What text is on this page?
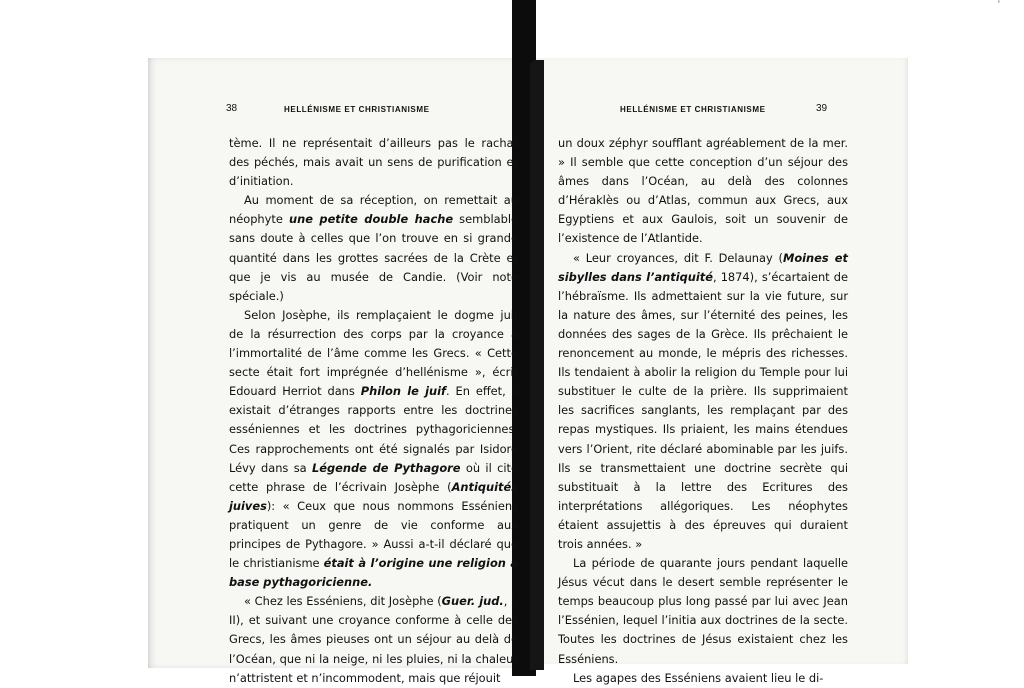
ʼ
38	HELLÉNISME ET CHRISTIANISME	HELLÉNISME ET CHRISTIANISME	39

tème. Il ne représentait d’ailleurs pas le rachat des péchés, mais avait un sens de purification et d’initiation.

Au moment de sa réception, on remettait au néophyte une petite double hache semblable sans doute à celles que l’on trouve en si grande quantité dans les grottes sacrées de la Crète et que je vis au musée de Candie. (Voir note spéciale.)

Selon Josèphe, ils remplaçaient le dogme juif de la résurrection des corps par la croyance à l’immortalité de l’âme comme les Grecs. « Cette secte était fort imprégnée d’hellénisme », écrit Edouard Herriot dans Philon le juif. En effet, il existait d’étranges rapports entre les doctrines esséniennes et les doctrines pythagoriciennes. Ces rapprochements ont été signalés par Isidore Lévy dans sa Légende de Pythagore où il cite cette phrase de l’écrivain Josèphe (Antiquités juives): « Ceux que nous nommons Esséniens pratiquent un genre de vie conforme aux principes de Pythagore. » Aussi a-t-il déclaré que le christianisme était à l’origine une religion à base pythagoricienne.

« Chez les Esséniens, dit Josèphe (Guer. jud., I, II), et suivant une croyance conforme à celle des Grecs, les âmes pieuses ont un séjour au delà de l’Océan, que ni la neige, ni les pluies, ni la chaleur n’attristent et n’incommodent, mais que réjouit

un doux zéphyr soufflant agréablement de la mer. » Il semble que cette conception d’un séjour des âmes dans l’Océan, au delà des colonnes d’Héraklès ou d’Atlas, commun aux Grecs, aux Egyptiens et aux Gaulois, soit un souvenir de l’existence de l’Atlantide.

« Leur croyances, dit F. Delaunay (Moines et sibylles dans l’antiquité, 1874), s’écartaient de l’hébraïsme. Ils admettaient sur la vie future, sur la nature des âmes, sur l’éternité des peines, les données des sages de la Grèce. Ils prêchaient le renoncement au monde, le mépris des richesses. Ils tendaient à abolir la religion du Temple pour lui substituer le culte de la prière. Ils supprimaient les sacrifices sanglants, les remplaçant par des repas mystiques. Ils priaient, les mains étendues vers l’Orient, rite déclaré abominable par les juifs. Ils se transmettaient une doctrine secrète qui substituait à la lettre des Ecritures des interprétations allégoriques. Les néophytes étaient assujettis à des épreuves qui duraient trois années. »

La période de quarante jours pendant laquelle Jésus vécut dans le desert semble représenter le temps beaucoup plus long passé par lui avec Jean l’Essénien, lequel l’initia aux doctrines de la secte. Toutes les doctrines de Jésus existaient chez les Esséniens.

Les agapes des Esséniens avaient lieu le di-
